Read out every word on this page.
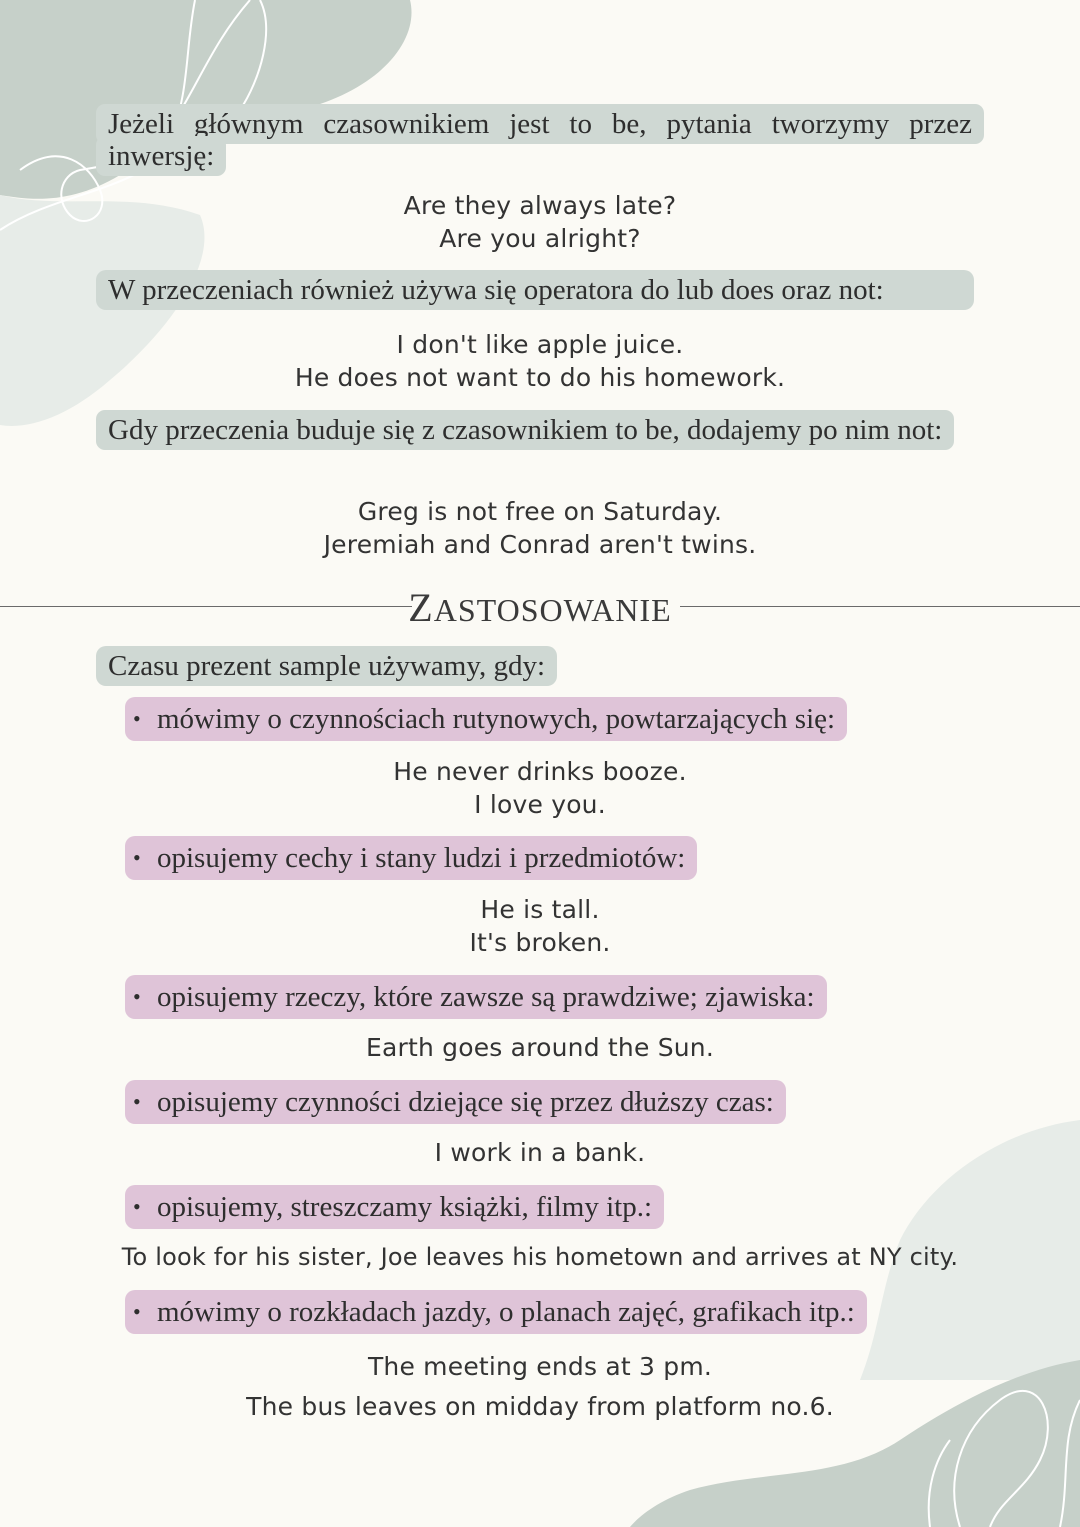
Jeżeli głównym czasownikiem jest to be, pytania tworzymy przez inwersję:
Are they always late?
Are you alright?
W przeczeniach również używa się operatora do lub does oraz not:
I don't like apple juice.
He does not want to do his homework.
Gdy przeczenia buduje się z czasownikiem to be, dodajemy po nim not:
Greg is not free on Saturday.
Jeremiah and Conrad aren't twins.
ZASTOSOWANIE
Czasu prezent sample używamy, gdy:
• mówimy o czynnościach rutynowych, powtarzających się:
He never drinks booze.
I love you.
• opisujemy cechy i stany ludzi i przedmiotów:
He is tall.
It's broken.
• opisujemy rzeczy, które zawsze są prawdziwe; zjawiska:
Earth goes around the Sun.
• opisujemy czynności dziejące się przez dłuższy czas:
I work in a bank.
• opisujemy, streszczamy książki, filmy itp.:
To look for his sister, Joe leaves his hometown and arrives at NY city.
• mówimy o rozkładach jazdy, o planach zajęć, grafikach itp.:
The meeting ends at 3 pm.
The bus leaves on midday from platform no.6.
